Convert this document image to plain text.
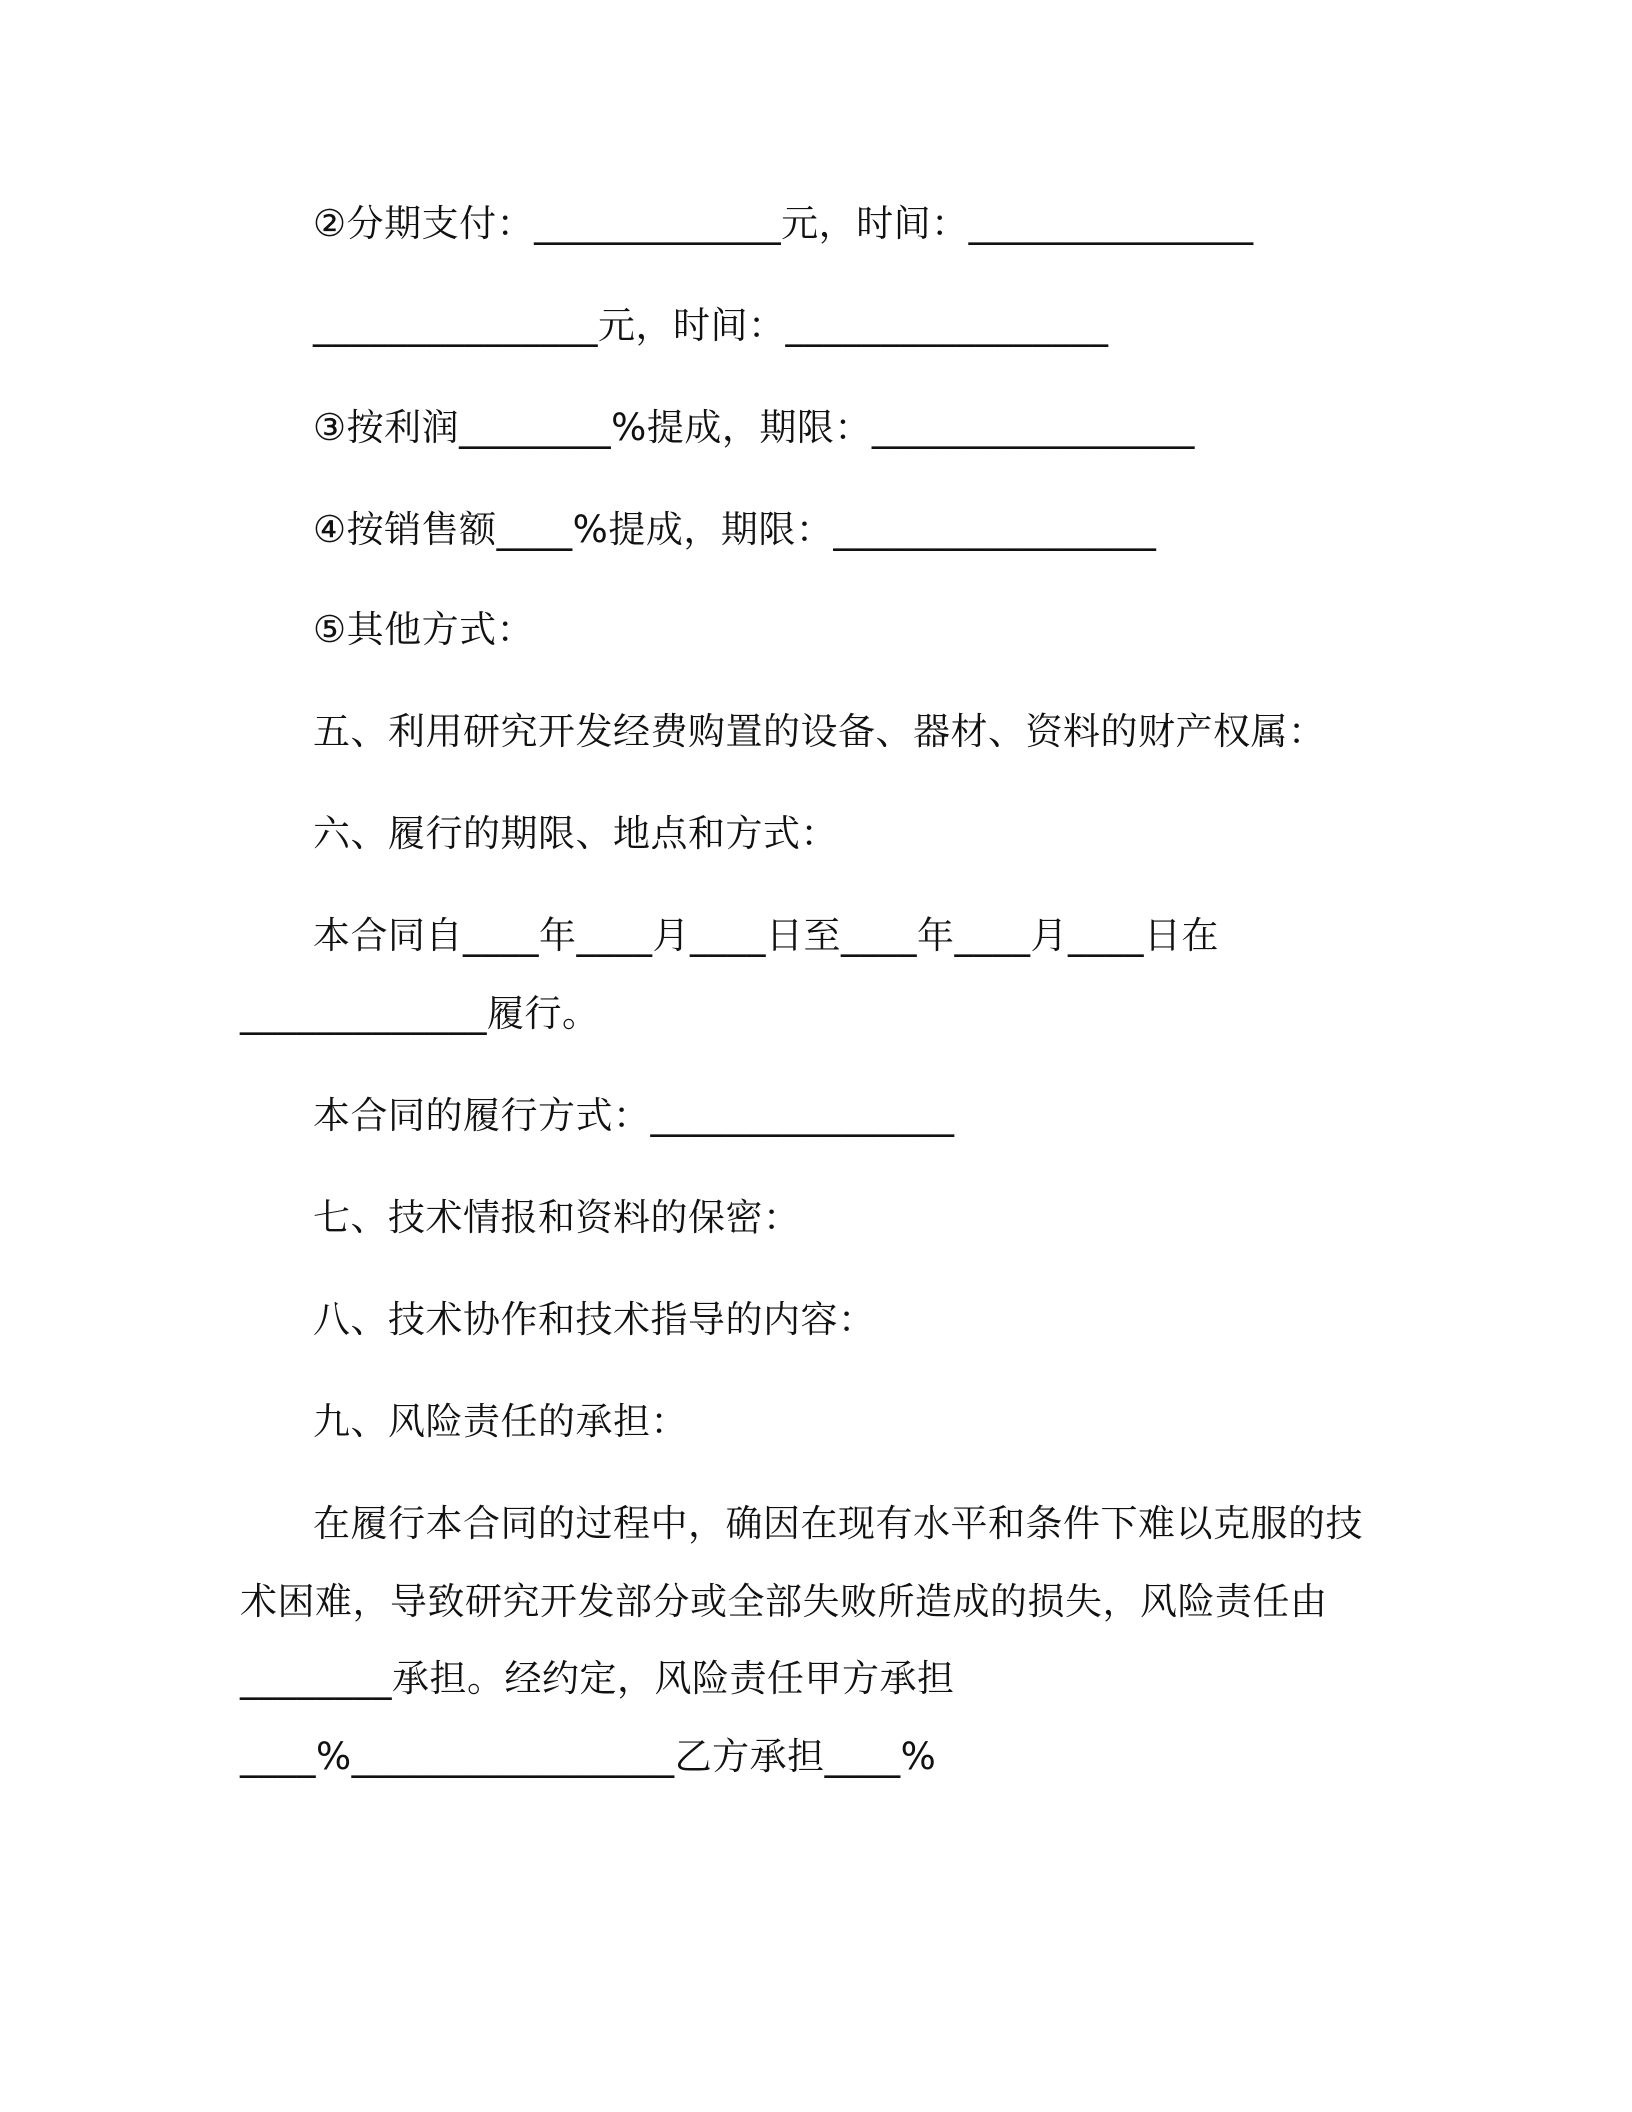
②分期支付：_____________元，时间：_______________
_______________元，时间：_________________
③按利润________%提成，期限：_________________
④按销售额____%提成，期限：_________________
⑤其他方式：
五、利用研究开发经费购置的设备、器材、资料的财产权属：
六、履行的期限、地点和方式：
本合同自____年____月____日至____年____月____日在
_____________履行。
本合同的履行方式：________________
七、技术情报和资料的保密：
八、技术协作和技术指导的内容：
九、风险责任的承担：
在履行本合同的过程中，确因在现有水平和条件下难以克服的技
术困难，导致研究开发部分或全部失败所造成的损失，风险责任由
________承担。经约定，风险责任甲方承担
____%_________________乙方承担____%
